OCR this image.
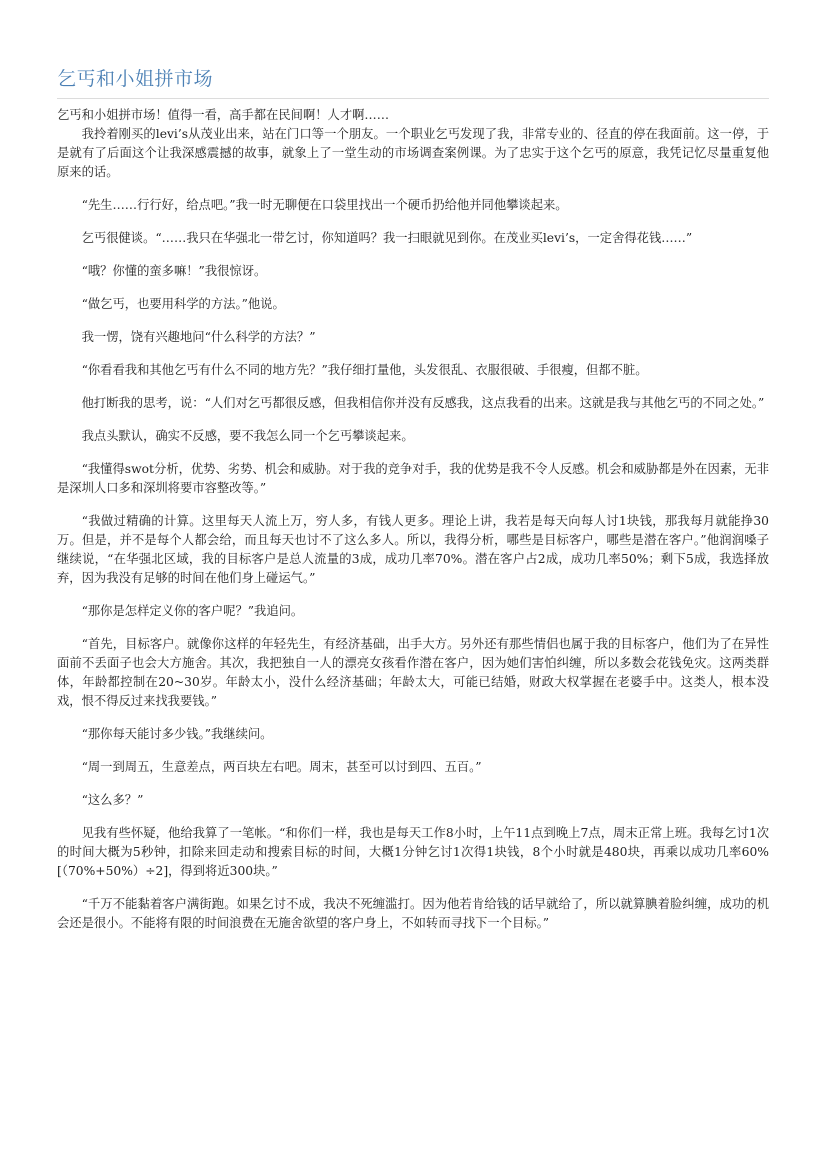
乞丐和小姐拼市场

乞丐和小姐拼市场！值得一看，高手都在民间啊！人才啊……

我拎着刚买的levi’s从茂业出来，站在门口等一个朋友。一个职业乞丐发现了我，非常专业的、径直的停在我面前。这一停，于是就有了后面这个让我深感震撼的故事，就象上了一堂生动的市场调查案例课。为了忠实于这个乞丐的原意，我凭记忆尽量重复他原来的话。

“先生……行行好，给点吧。”我一时无聊便在口袋里找出一个硬币扔给他并同他攀谈起来。

乞丐很健谈。“……我只在华强北一带乞讨，你知道吗？我一扫眼就见到你。在茂业买levi’s，一定舍得花钱……”

“哦？你懂的蛮多嘛！”我很惊讶。

“做乞丐，也要用科学的方法。”他说。

我一愣，饶有兴趣地问“什么科学的方法？”

“你看看我和其他乞丐有什么不同的地方先？”我仔细打量他，头发很乱、衣服很破、手很瘦，但都不脏。

他打断我的思考，说：“人们对乞丐都很反感，但我相信你并没有反感我，这点我看的出来。这就是我与其他乞丐的不同之处。”

我点头默认，确实不反感，要不我怎么同一个乞丐攀谈起来。

“我懂得swot分析，优势、劣势、机会和威胁。对于我的竞争对手，我的优势是我不令人反感。机会和威胁都是外在因素，无非是深圳人口多和深圳将要市容整改等。”

“我做过精确的计算。这里每天人流上万，穷人多，有钱人更多。理论上讲，我若是每天向每人讨1块钱，那我每月就能挣30万。但是，并不是每个人都会给，而且每天也讨不了这么多人。所以，我得分析，哪些是目标客户，哪些是潜在客户。”他润润嗓子继续说，“在华强北区域，我的目标客户是总人流量的3成，成功几率70%。潜在客户占2成，成功几率50%；剩下5成，我选择放弃，因为我没有足够的时间在他们身上碰运气。”

“那你是怎样定义你的客户呢？”我追问。

“首先，目标客户。就像你这样的年轻先生，有经济基础，出手大方。另外还有那些情侣也属于我的目标客户，他们为了在异性面前不丢面子也会大方施舍。其次，我把独自一人的漂亮女孩看作潜在客户，因为她们害怕纠缠，所以多数会花钱免灾。这两类群体，年龄都控制在20~30岁。年龄太小，没什么经济基础；年龄太大，可能已结婚，财政大权掌握在老婆手中。这类人，根本没戏，恨不得反过来找我要钱。”

“那你每天能讨多少钱。”我继续问。

“周一到周五，生意差点，两百块左右吧。周末，甚至可以讨到四、五百。”

“这么多？”

见我有些怀疑，他给我算了一笔帐。“和你们一样，我也是每天工作8小时，上午11点到晚上7点，周末正常上班。我每乞讨1次的时间大概为5秒钟，扣除来回走动和搜索目标的时间，大概1分钟乞讨1次得1块钱，8个小时就是480块，再乘以成功几率60%[（70%+50%）÷2]，得到将近300块。”

“千万不能黏着客户满街跑。如果乞讨不成，我决不死缠滥打。因为他若肯给钱的话早就给了，所以就算腆着脸纠缠，成功的机会还是很小。不能将有限的时间浪费在无施舍欲望的客户身上，不如转而寻找下一个目标。”
